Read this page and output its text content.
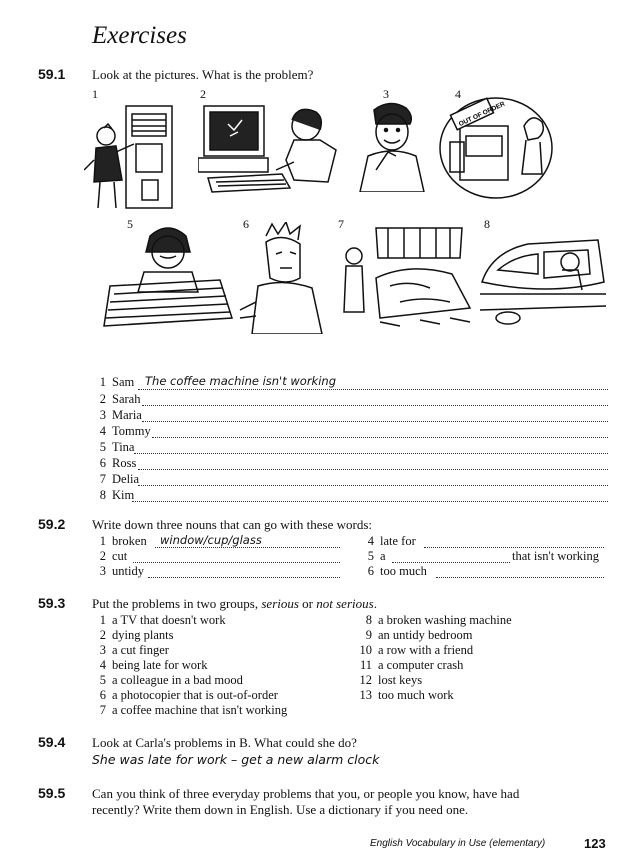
Exercises
59.1 Look at the pictures. What is the problem?
1	2	3	4
5	6	7	8
OUT OF ORDER
1 Sam The coffee machine isn't working
2 Sarah
3 Maria
4 Tommy
5 Tina
6 Ross
7 Delia
8 Kim
59.2 Write down three nouns that can go with these words:
1 broken window/cup/glass
2 cut
3 untidy
4 late for
5 a	that isn't working
6 too much
59.3 Put the problems in two groups, serious or not serious.
1 a TV that doesn't work
2 dying plants
3 a cut finger
4 being late for work
5 a colleague in a bad mood
6 a photocopier that is out-of-order
7 a coffee machine that isn't working
8 a broken washing machine
9 an untidy bedroom
10 a row with a friend
11 a computer crash
12 lost keys
13 too much work
59.4 Look at Carla's problems in B. What could she do?
She was late for work – get a new alarm clock
59.5 Can you think of three everyday problems that you, or people you know, have had
recently? Write them down in English. Use a dictionary if you need one.
English Vocabulary in Use (elementary)	123
